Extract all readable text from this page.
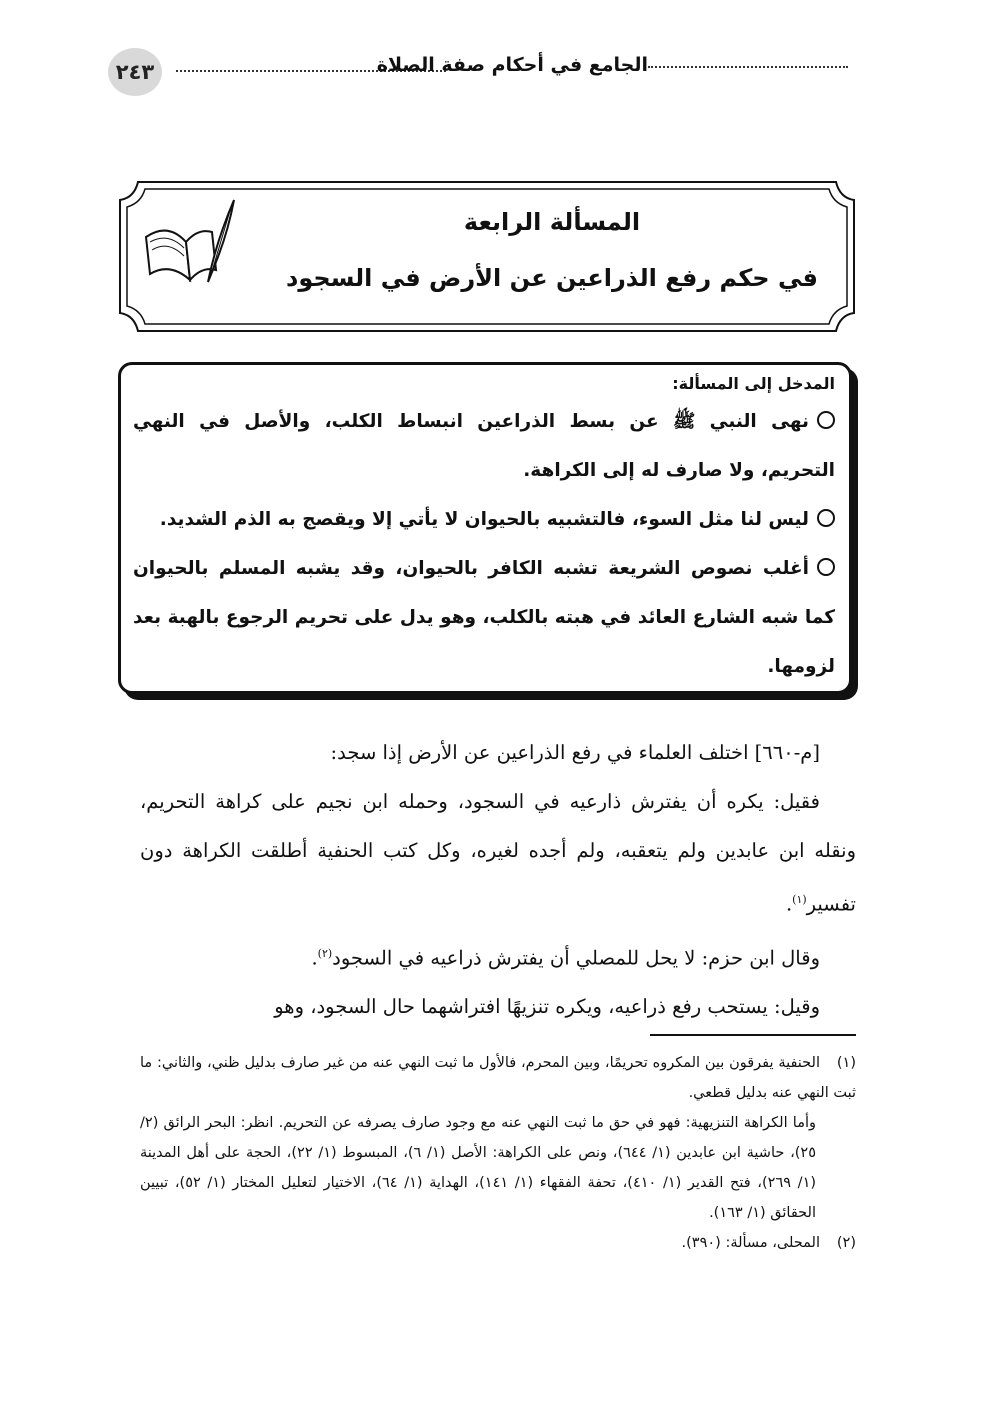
٢٤٣	الجامع في أحكام صفة الصلاة
المسألة الرابعة
في حكم رفع الذراعين عن الأرض في السجود
المدخل إلى المسألة:

نهى النبي ﷺ عن بسط الذراعين انبساط الكلب، والأصل في النهي التحريم، ولا صارف له إلى الكراهة.

ليس لنا مثل السوء، فالتشبيه بالحيوان لا يأتي إلا ويقصج به الذم الشديد.

أغلب نصوص الشريعة تشبه الكافر بالحيوان، وقد يشبه المسلم بالحيوان كما شبه الشارع العائد في هبته بالكلب، وهو يدل على تحريم الرجوع بالهبة بعد لزومها.

[م-٦٦٠] اختلف العلماء في رفع الذراعين عن الأرض إذا سجد:

فقيل: يكره أن يفترش ذارعيه في السجود، وحمله ابن نجيم على كراهة التحريم، ونقله ابن عابدين ولم يتعقبه، ولم أجده لغيره، وكل كتب الحنفية أطلقت الكراهة دون تفسير$^{(١)}$.

وقال ابن حزم: لا يحل للمصلي أن يفترش ذراعيه في السجود$^{(٢)}$.

وقيل: يستحب رفع ذراعيه، ويكره تنزيهًا افتراشهما حال السجود، وهو

(١)الحنفية يفرقون بين المكروه تحريمًا، وبين المحرم، فالأول ما ثبت النهي عنه من غير صارف بدليل ظني، والثاني: ما ثبت النهي عنه بدليل قطعي.

وأما الكراهة التنزيهية: فهو في حق ما ثبت النهي عنه مع وجود صارف يصرفه عن التحريم. انظر: البحر الرائق (٢/ ٢٥)، حاشية ابن عابدين (١/ ٦٤٤)، ونص على الكراهة: الأصل (١/ ٦)، المبسوط (١/ ٢٢)، الحجة على أهل المدينة (١/ ٢٦٩)، فتح القدير (١/ ٤١٠)، تحفة الفقهاء (١/ ١٤١)، الهداية (١/ ٦٤)، الاختيار لتعليل المختار (١/ ٥٢)، تبيين الحقائق (١/ ١٦٣).

(٢)المحلى، مسألة: (٣٩٠).
